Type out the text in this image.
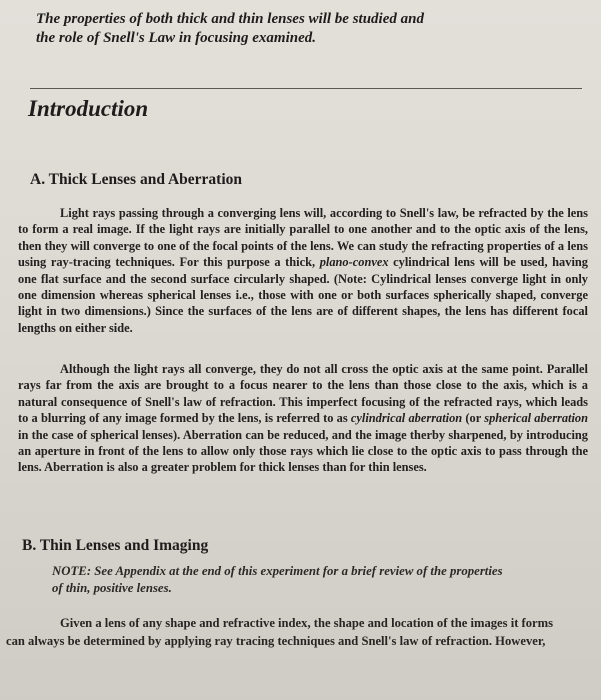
The properties of both thick and thin lenses will be studied and
the role of Snell's Law in focusing examined.
Introduction
A. Thick Lenses and Aberration
Light rays passing through a converging lens will, according to Snell's law, be refracted by the lens to form a real image. If the light rays are initially parallel to one another and to the optic axis of the lens, then they will converge to one of the focal points of the lens. We can study the refracting properties of a lens using ray-tracing techniques. For this purpose a thick, plano-convex cylindrical lens will be used, having one flat surface and the second surface circularly shaped. (Note: Cylindrical lenses converge light in only one dimension whereas spherical lenses i.e., those with one or both surfaces spherically shaped, converge light in two dimensions.) Since the surfaces of the lens are of different shapes, the lens has different focal lengths on either side.
Although the light rays all converge, they do not all cross the optic axis at the same point. Parallel rays far from the axis are brought to a focus nearer to the lens than those close to the axis, which is a natural consequence of Snell's law of refraction. This imperfect focusing of the refracted rays, which leads to a blurring of any image formed by the lens, is referred to as cylindrical aberration (or spherical aberration in the case of spherical lenses). Aberration can be reduced, and the image therby sharpened, by introducing an aperture in front of the lens to allow only those rays which lie close to the optic axis to pass through the lens. Aberration is also a greater problem for thick lenses than for thin lenses.
B. Thin Lenses and Imaging
NOTE: See Appendix at the end of this experiment for a brief review of the properties
of thin, positive lenses.
Given a lens of any shape and refractive index, the shape and location of the images it forms
can always be determined by applying ray tracing techniques and Snell's law of refraction. However,
